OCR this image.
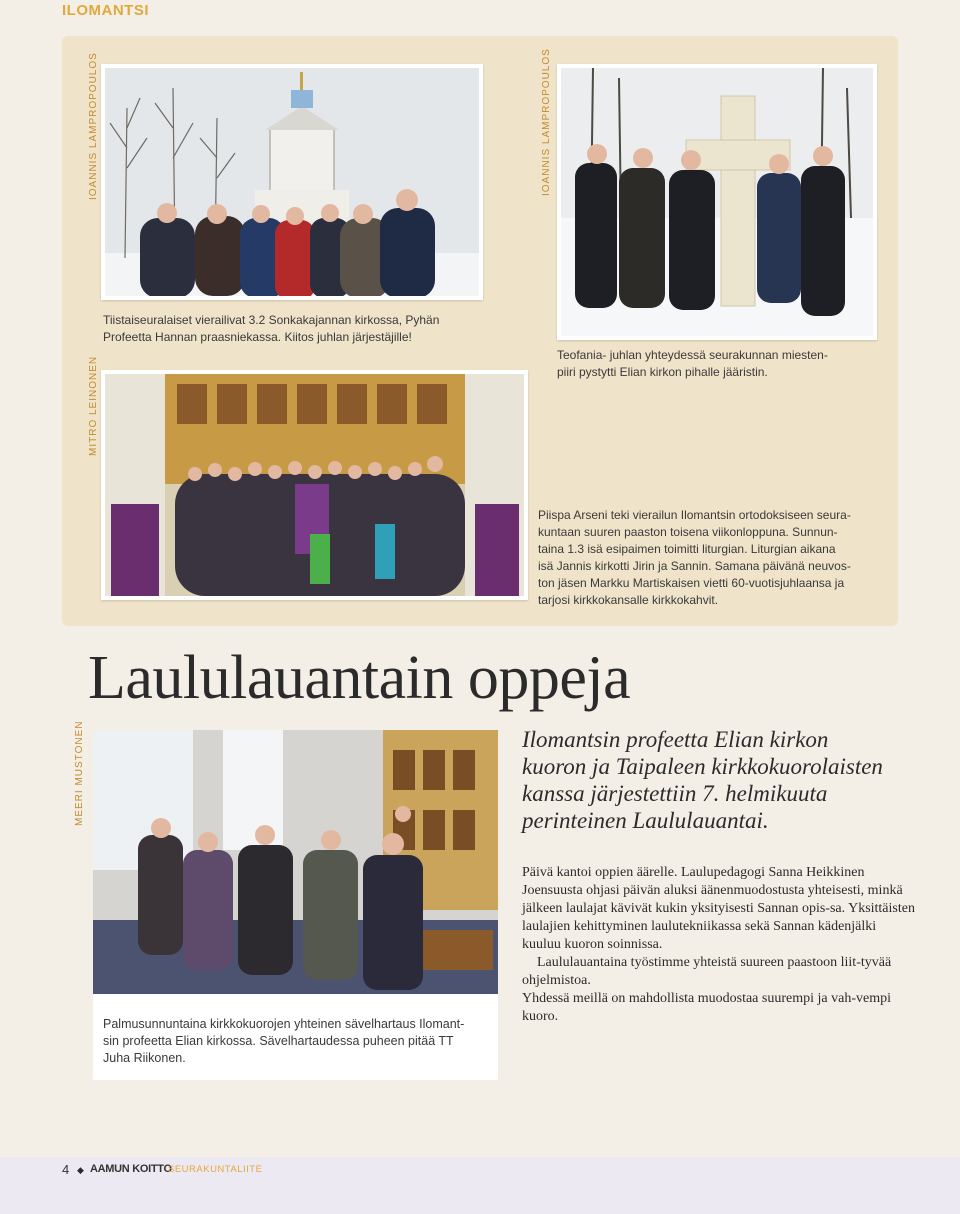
ILOMANTSI
IOANNIS LAMPROPOULOS
Tiistaiseuralaiset vierailivat 3.2 Sonkakajannan kirkossa, Pyhän Profeetta Hannan praasniekassa. Kiitos juhlan järjestäjille!
IOANNIS LAMPROPOULOS
Teofania- juhlan yhteydessä seurakunnan miesten-
piiri pystytti Elian kirkon pihalle jääristin.
MITRO LEINONEN
Piispa Arseni teki vierailun Ilomantsin ortodoksiseen seura-
kuntaan suuren paaston toisena viikonloppuna. Sunnun-
taina 1.3 isä esipaimen toimitti liturgian. Liturgian aikana
isä Jannis kirkotti Jirin ja Sannin. Samana päivänä neuvos-
ton jäsen Markku Martiskaisen vietti 60-vuotisjuhlaansa ja
tarjosi kirkkokansalle kirkkokahvit.
Laululauantain oppeja
MEERI MUSTONEN
Palmusunnuntaina kirkkokuorojen yhteinen sävelhartaus Ilomant-
sin profeetta Elian kirkossa. Sävelhartaudessa puheen pitää TT
Juha Riikonen.
Ilomantsin profeetta Elian kirkon
kuoron ja Taipaleen kirkkokuorolaisten
kanssa järjestettiin 7. helmikuuta
perinteinen Laululauantai.

Päivä kantoi oppien äärelle. Laulupedagogi Sanna Heikkinen Joensuusta ohjasi päivän aluksi äänenmuodostusta yhteisesti, minkä jälkeen laulajat kävivät kukin yksityisesti Sannan opis-sa. Yksittäisten laulajien kehittyminen laulutekniikassa sekä Sannan kädenjälki kuuluu kuoron soinnissa.

Laululauantaina työstimme yhteistä suureen paastoon liit-tyvää ohjelmistoa.

Yhdessä meillä on mahdollista muodostaa suurempi ja vah-vempi kuoro.

4 ◆ AAMUN KOITTO
SEURAKUNTALIITE
